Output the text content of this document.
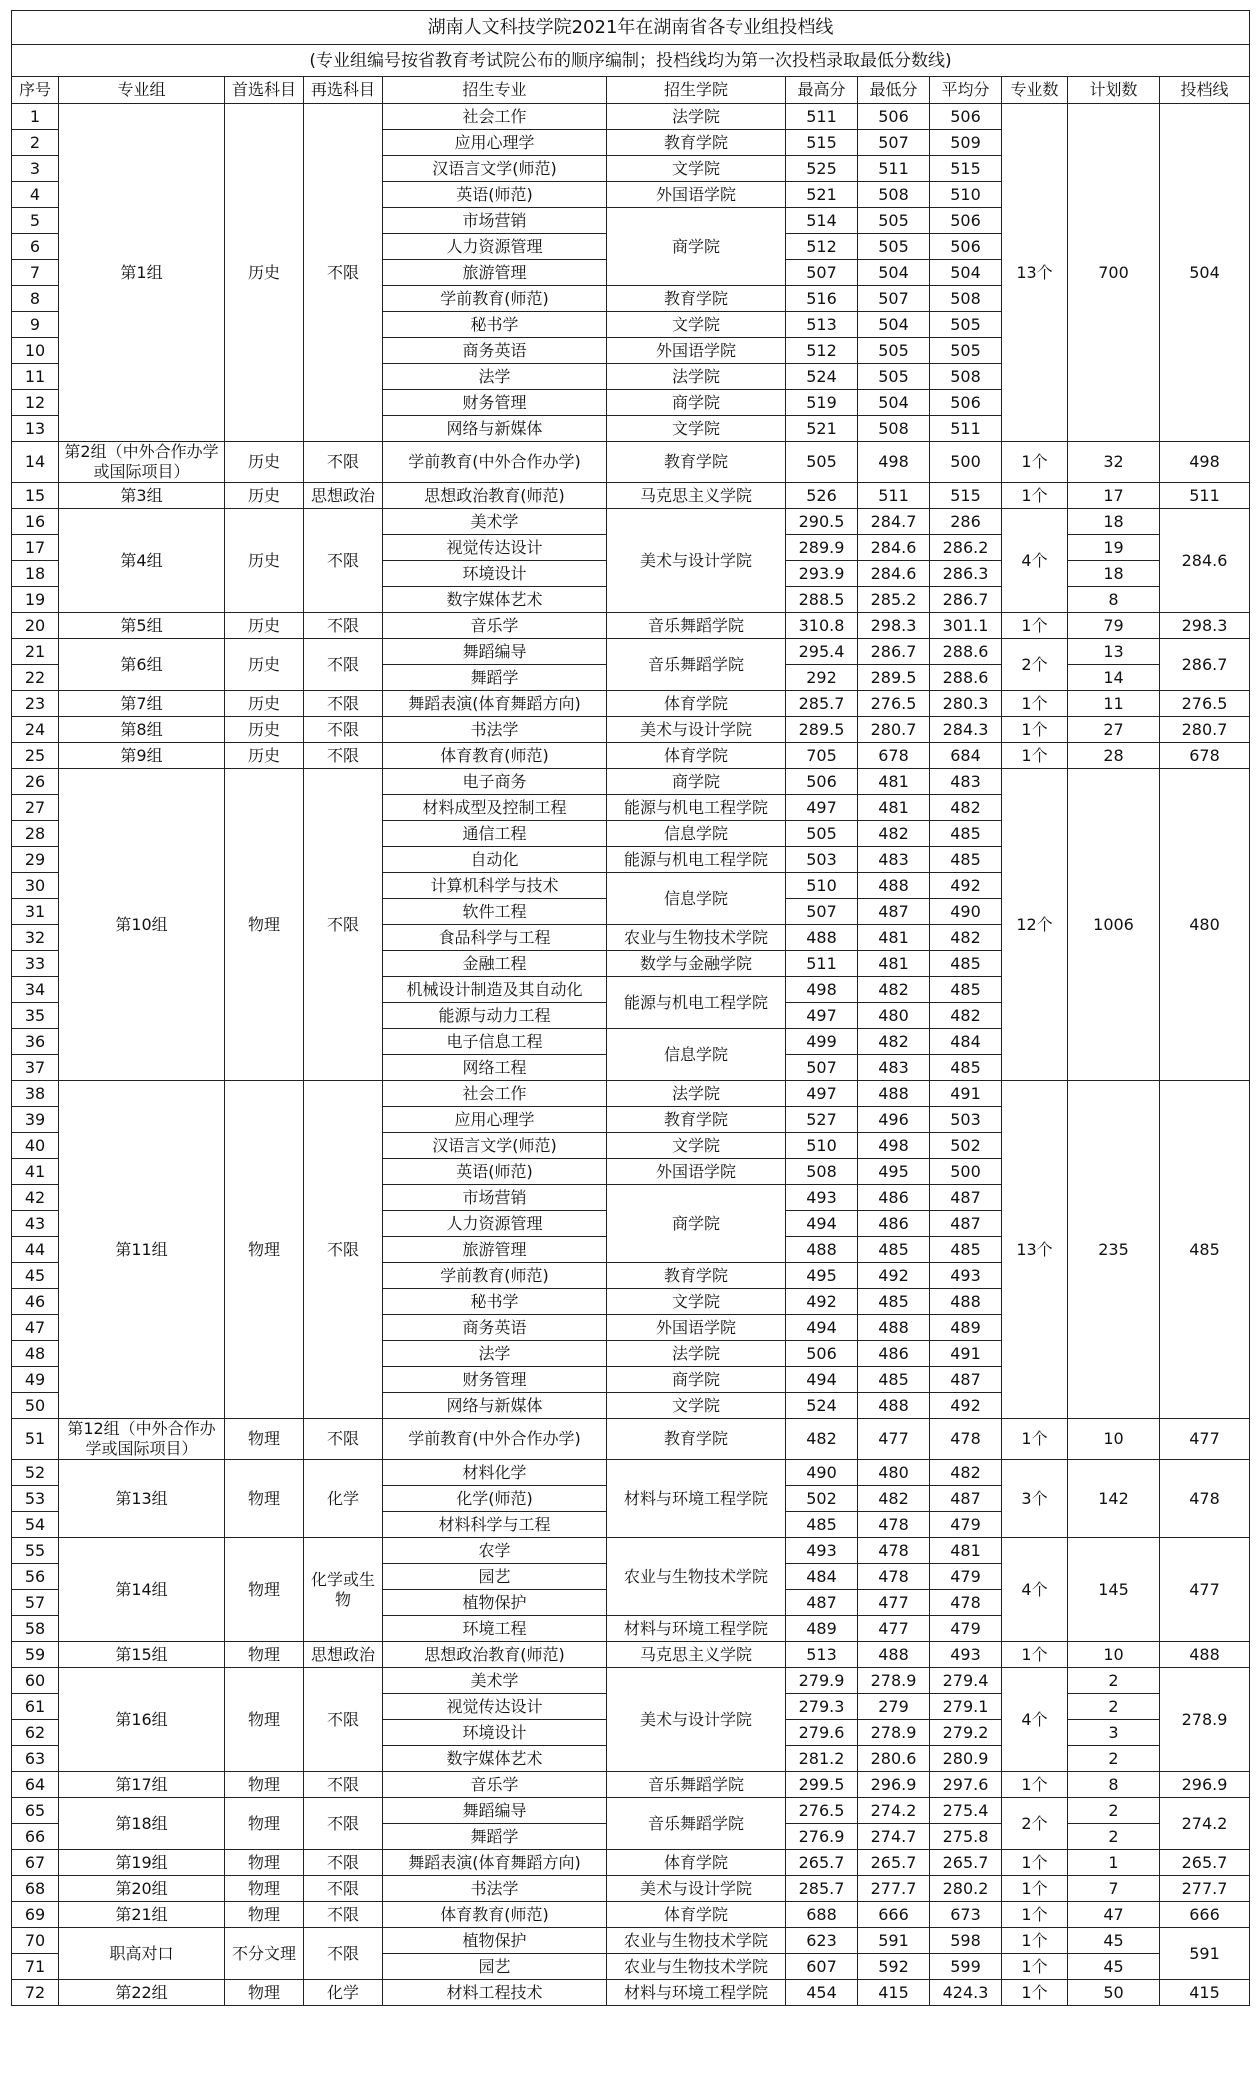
湖南人文科技学院2021年在湖南省各专业组投档线											
(专业组编号按省教育考试院公布的顺序编制；投档线均为第一次投档录取最低分数线)											
序号	专业组	首选科目	再选科目	招生专业	招生学院	最高分	最低分	平均分	专业数	计划数	投档线
1	第1组	历史	不限	社会工作	法学院	511	506	506	13个	700	504
2				应用心理学	教育学院	515	507	509			
3				汉语言文学(师范)	文学院	525	511	515			
4				英语(师范)	外国语学院	521	508	510			
5				市场营销	商学院	514	505	506			
6				人力资源管理		512	505	506			
7				旅游管理		507	504	504			
8				学前教育(师范)	教育学院	516	507	508			
9				秘书学	文学院	513	504	505			
10				商务英语	外国语学院	512	505	505			
11				法学	法学院	524	505	508			
12				财务管理	商学院	519	504	506			
13				网络与新媒体	文学院	521	508	511			
14	第2组（中外合作办学或国际项目）	历史	不限	学前教育(中外合作办学)	教育学院	505	498	500	1个	32	498
15	第3组	历史	思想政治	思想政治教育(师范)	马克思主义学院	526	511	515	1个	17	511
16	第4组	历史	不限	美术学	美术与设计学院	290.5	284.7	286	4个	18	284.6
17				视觉传达设计		289.9	284.6	286.2		19	
18				环境设计		293.9	284.6	286.3		18	
19				数字媒体艺术		288.5	285.2	286.7		8	
20	第5组	历史	不限	音乐学	音乐舞蹈学院	310.8	298.3	301.1	1个	79	298.3
21	第6组	历史	不限	舞蹈编导	音乐舞蹈学院	295.4	286.7	288.6	2个	13	286.7
22				舞蹈学		292	289.5	288.6		14	
23	第7组	历史	不限	舞蹈表演(体育舞蹈方向)	体育学院	285.7	276.5	280.3	1个	11	276.5
24	第8组	历史	不限	书法学	美术与设计学院	289.5	280.7	284.3	1个	27	280.7
25	第9组	历史	不限	体育教育(师范)	体育学院	705	678	684	1个	28	678
26	第10组	物理	不限	电子商务	商学院	506	481	483	12个	1006	480
27				材料成型及控制工程	能源与机电工程学院	497	481	482			
28				通信工程	信息学院	505	482	485			
29				自动化	能源与机电工程学院	503	483	485			
30				计算机科学与技术	信息学院	510	488	492			
31				软件工程		507	487	490			
32				食品科学与工程	农业与生物技术学院	488	481	482			
33				金融工程	数学与金融学院	511	481	485			
34				机械设计制造及其自动化	能源与机电工程学院	498	482	485			
35				能源与动力工程		497	480	482			
36				电子信息工程	信息学院	499	482	484			
37				网络工程		507	483	485			
38	第11组	物理	不限	社会工作	法学院	497	488	491	13个	235	485
39				应用心理学	教育学院	527	496	503			
40				汉语言文学(师范)	文学院	510	498	502			
41				英语(师范)	外国语学院	508	495	500			
42				市场营销	商学院	493	486	487			
43				人力资源管理		494	486	487			
44				旅游管理		488	485	485			
45				学前教育(师范)	教育学院	495	492	493			
46				秘书学	文学院	492	485	488			
47				商务英语	外国语学院	494	488	489			
48				法学	法学院	506	486	491			
49				财务管理	商学院	494	485	487			
50				网络与新媒体	文学院	524	488	492			
51	第12组（中外合作办学或国际项目）	物理	不限	学前教育(中外合作办学)	教育学院	482	477	478	1个	10	477
52	第13组	物理	化学	材料化学	材料与环境工程学院	490	480	482	3个	142	478
53				化学(师范)		502	482	487			
54				材料科学与工程		485	478	479			
55	第14组	物理	化学或生物	农学	农业与生物技术学院	493	478	481	4个	145	477
56				园艺		484	478	479			
57				植物保护		487	477	478			
58				环境工程	材料与环境工程学院	489	477	479			
59	第15组	物理	思想政治	思想政治教育(师范)	马克思主义学院	513	488	493	1个	10	488
60	第16组	物理	不限	美术学	美术与设计学院	279.9	278.9	279.4	4个	2	278.9
61				视觉传达设计		279.3	279	279.1		2	
62				环境设计		279.6	278.9	279.2		3	
63				数字媒体艺术		281.2	280.6	280.9		2	
64	第17组	物理	不限	音乐学	音乐舞蹈学院	299.5	296.9	297.6	1个	8	296.9
65	第18组	物理	不限	舞蹈编导	音乐舞蹈学院	276.5	274.2	275.4	2个	2	274.2
66				舞蹈学		276.9	274.7	275.8		2	
67	第19组	物理	不限	舞蹈表演(体育舞蹈方向)	体育学院	265.7	265.7	265.7	1个	1	265.7
68	第20组	物理	不限	书法学	美术与设计学院	285.7	277.7	280.2	1个	7	277.7
69	第21组	物理	不限	体育教育(师范)	体育学院	688	666	673	1个	47	666
70	职高对口	不分文理	不限	植物保护	农业与生物技术学院	623	591	598	1个	45	591
71				园艺	农业与生物技术学院	607	592	599	1个	45	
72	第22组	物理	化学	材料工程技术	材料与环境工程学院	454	415	424.3	1个	50	415
